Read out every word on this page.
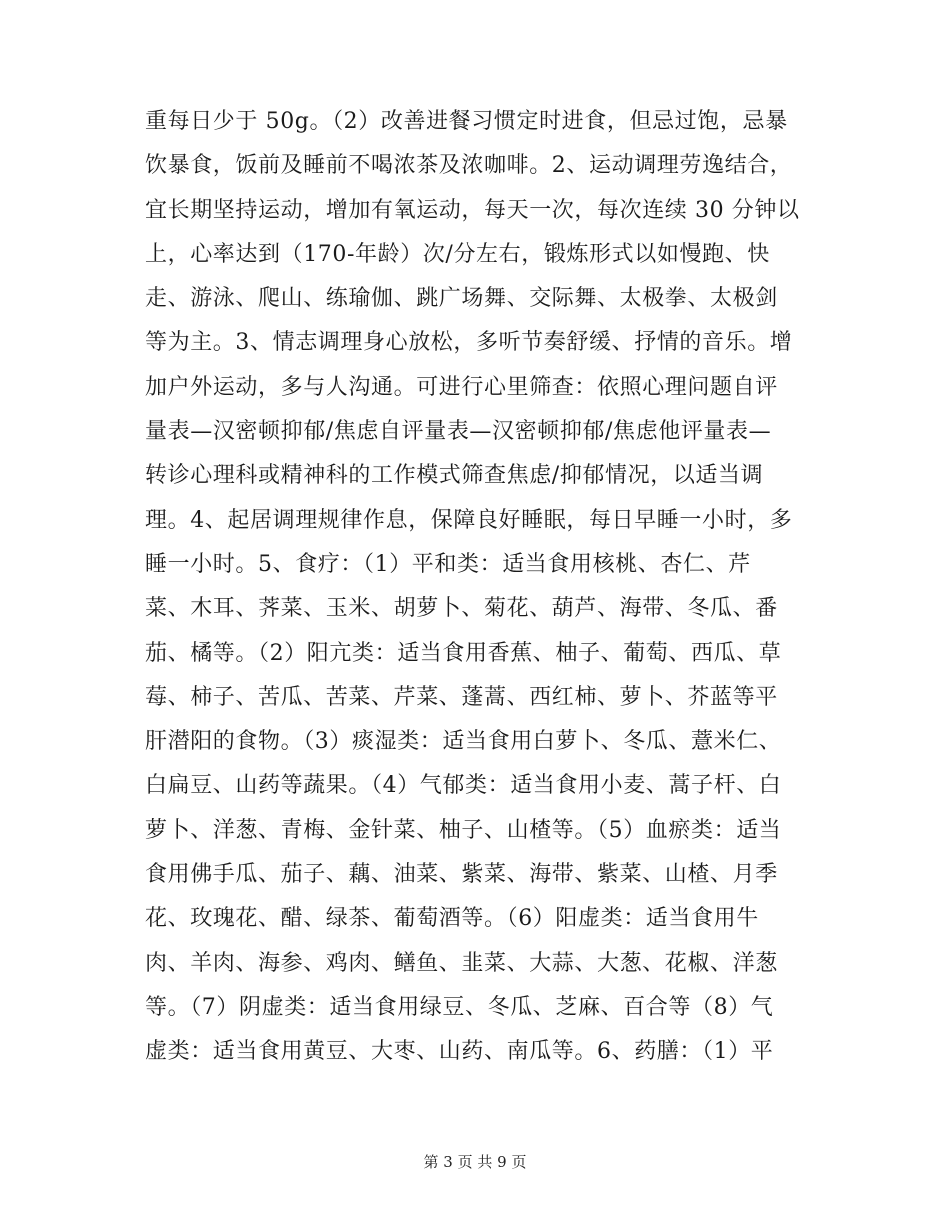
重每日少于 50g。（2）改善进餐习惯定时进食，但忌过饱，忌暴
饮暴食，饭前及睡前不喝浓茶及浓咖啡。2、运动调理劳逸结合，
宜长期坚持运动，增加有氧运动，每天一次，每次连续 30 分钟以
上，心率达到（170-年龄）次/分左右，锻炼形式以如慢跑、快
走、游泳、爬山、练瑜伽、跳广场舞、交际舞、太极拳、太极剑
等为主。3、情志调理身心放松，多听节奏舒缓、抒情的音乐。增
加户外运动，多与人沟通。可进行心里筛查：依照心理问题自评
量表—汉密顿抑郁/焦虑自评量表—汉密顿抑郁/焦虑他评量表—
转诊心理科或精神科的工作模式筛查焦虑/抑郁情况，以适当调
理。4、起居调理规律作息，保障良好睡眠，每日早睡一小时，多
睡一小时。5、食疗：（1）平和类：适当食用核桃、杏仁、芹
菜、木耳、荠菜、玉米、胡萝卜、菊花、葫芦、海带、冬瓜、番
茄、橘等。（2）阳亢类：适当食用香蕉、柚子、葡萄、西瓜、草
莓、柿子、苦瓜、苦菜、芹菜、蓬蒿、西红柿、萝卜、芥蓝等平
肝潜阳的食物。（3）痰湿类：适当食用白萝卜、冬瓜、薏米仁、
白扁豆、山药等蔬果。（4）气郁类：适当食用小麦、蒿子杆、白
萝卜、洋葱、青梅、金针菜、柚子、山楂等。（5）血瘀类：适当
食用佛手瓜、茄子、藕、油菜、紫菜、海带、紫菜、山楂、月季
花、玫瑰花、醋、绿茶、葡萄酒等。（6）阳虚类：适当食用牛
肉、羊肉、海参、鸡肉、鳝鱼、韭菜、大蒜、大葱、花椒、洋葱
等。（7）阴虚类：适当食用绿豆、冬瓜、芝麻、百合等（8）气
虚类：适当食用黄豆、大枣、山药、南瓜等。6、药膳：（1）平
第 3 页 共 9 页
